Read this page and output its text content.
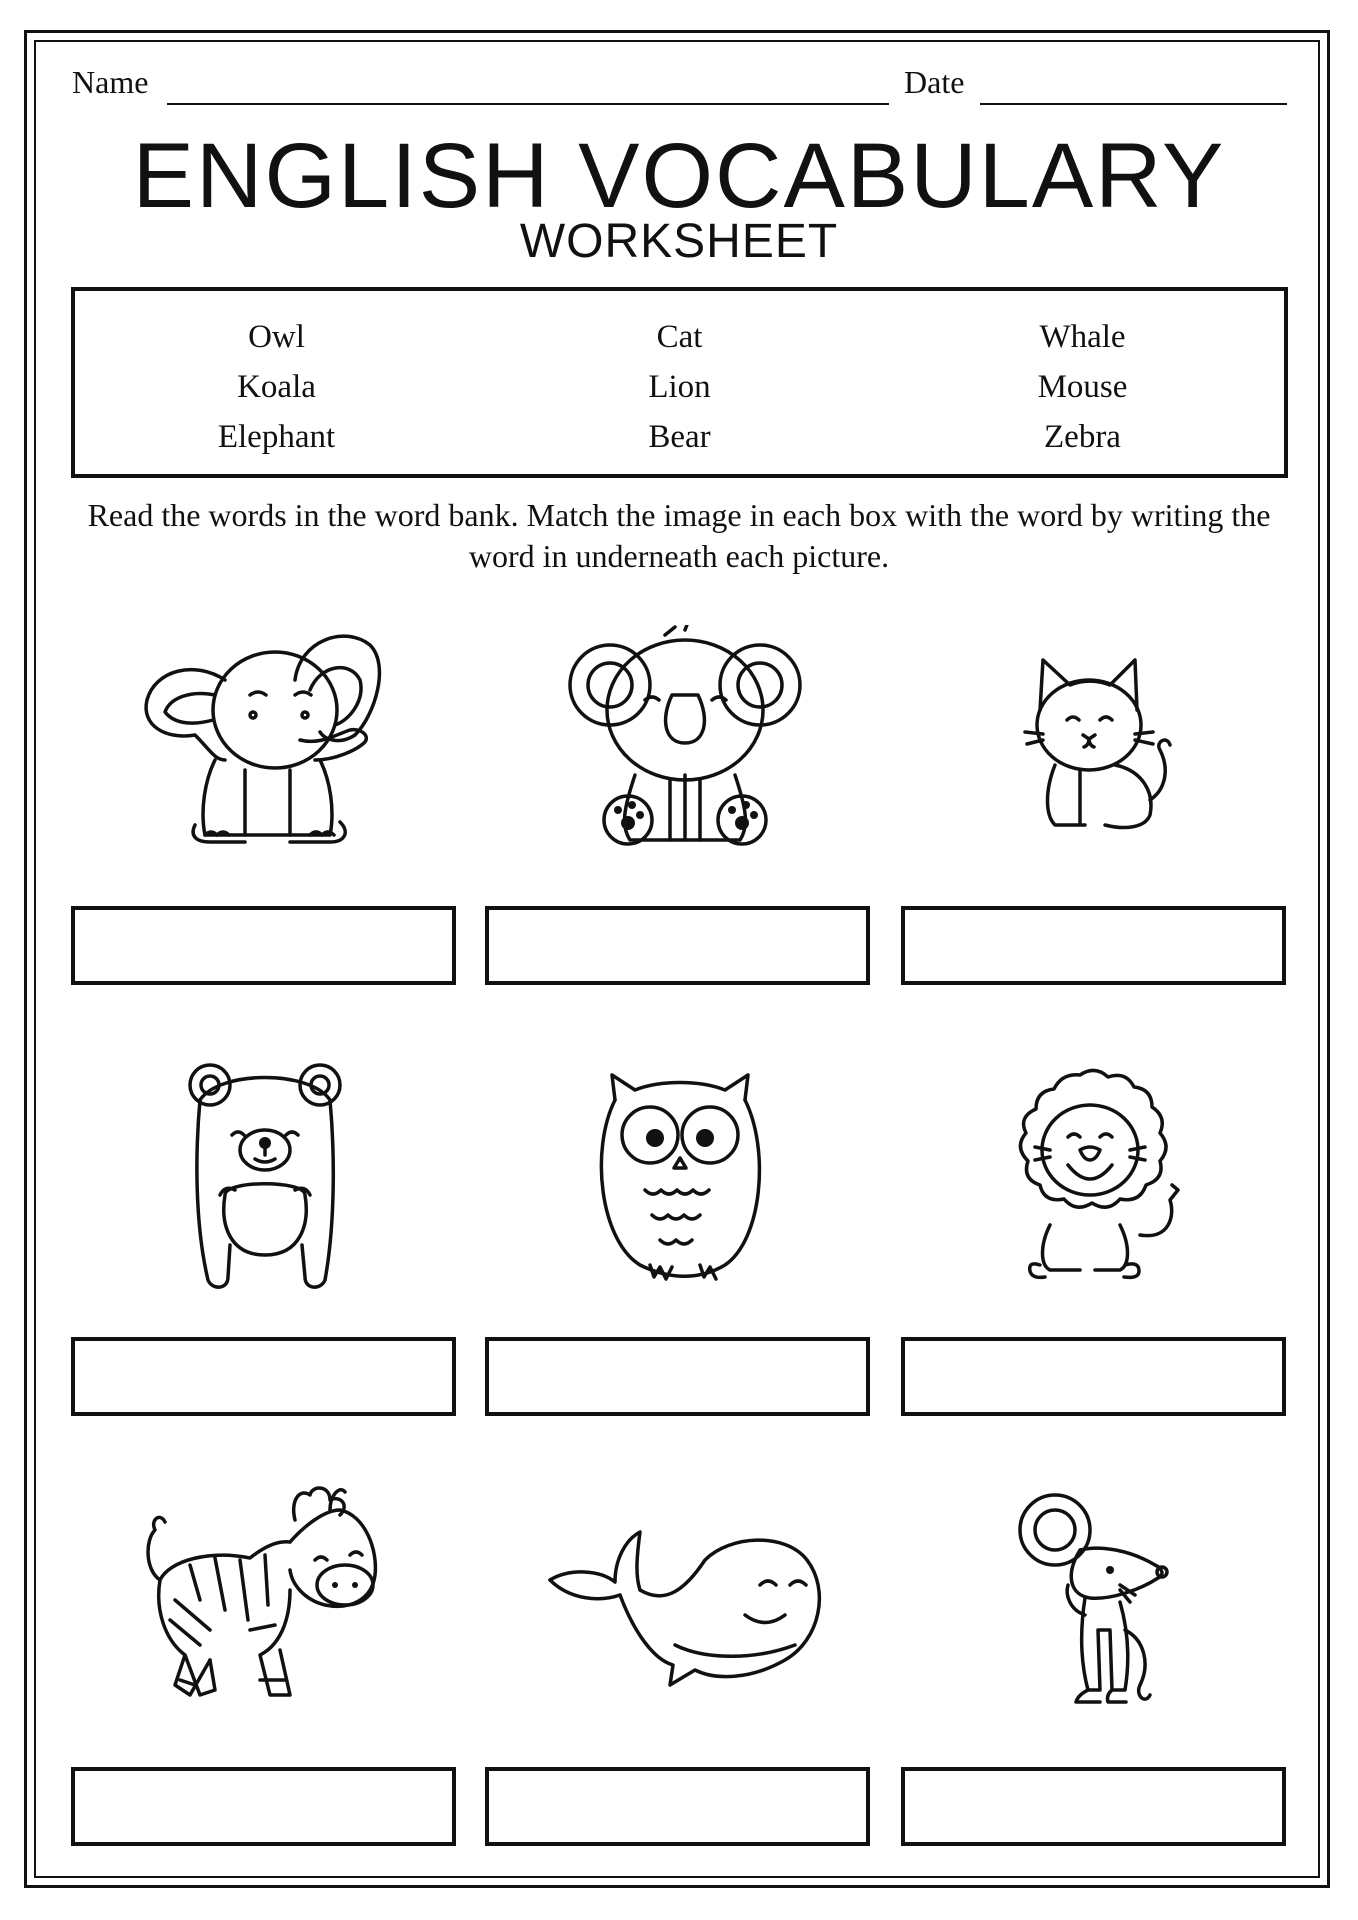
Name	Date
ENGLISH VOCABULARY
WORKSHEET
Owl	Cat	Whale
Koala	Lion	Mouse
Elephant	Bear	Zebra
Read the words in the word bank. Match the image in each box with the word by writing the word in underneath each picture.
